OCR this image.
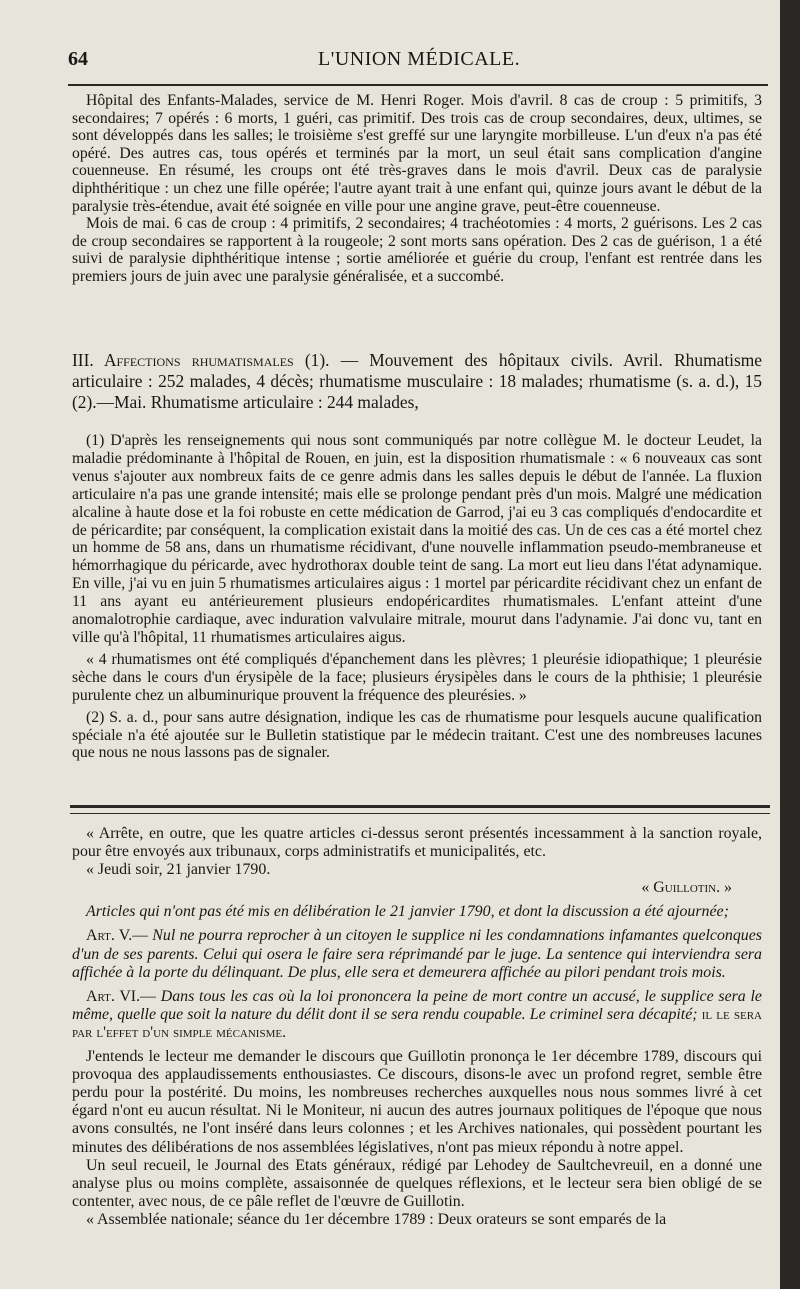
64	L'UNION MÉDICALE.

Hôpital des Enfants-Malades, service de M. Henri Roger. Mois d'avril. 8 cas de croup : 5 primitifs, 3 secondaires; 7 opérés : 6 morts, 1 guéri, cas primitif. Des trois cas de croup secondaires, deux, ultimes, se sont développés dans les salles; le troisième s'est greffé sur une laryngite morbilleuse. L'un d'eux n'a pas été opéré. Des autres cas, tous opérés et terminés par la mort, un seul était sans complication d'angine couenneuse. En résumé, les croups ont été très-graves dans le mois d'avril. Deux cas de paralysie diphthéritique : un chez une fille opérée; l'autre ayant trait à une enfant qui, quinze jours avant le début de la paralysie très-étendue, avait été soignée en ville pour une angine grave, peut-être couenneuse.

Mois de mai. 6 cas de croup : 4 primitifs, 2 secondaires; 4 trachéotomies : 4 morts, 2 guérisons. Les 2 cas de croup secondaires se rapportent à la rougeole; 2 sont morts sans opération. Des 2 cas de guérison, 1 a été suivi de paralysie diphthéritique intense ; sortie améliorée et guérie du croup, l'enfant est rentrée dans les premiers jours de juin avec une paralysie généralisée, et a succombé.

III. Affections rhumatismales (1). — Mouvement des hôpitaux civils. Avril. Rhumatisme articulaire : 252 malades, 4 décès; rhumatisme musculaire : 18 malades; rhumatisme (s. a. d.), 15 (2).—Mai. Rhumatisme articulaire : 244 malades,

(1) D'après les renseignements qui nous sont communiqués par notre collègue M. le docteur Leudet, la maladie prédominante à l'hôpital de Rouen, en juin, est la disposition rhumatismale : « 6 nouveaux cas sont venus s'ajouter aux nombreux faits de ce genre admis dans les salles depuis le début de l'année. La fluxion articulaire n'a pas une grande intensité; mais elle se prolonge pendant près d'un mois. Malgré une médication alcaline à haute dose et la foi robuste en cette médication de Garrod, j'ai eu 3 cas compliqués d'endocardite et de péricardite; par conséquent, la complication existait dans la moitié des cas. Un de ces cas a été mortel chez un homme de 58 ans, dans un rhumatisme récidivant, d'une nouvelle inflammation pseudo-membraneuse et hémorrhagique du péricarde, avec hydrothorax double teint de sang. La mort eut lieu dans l'état adynamique. En ville, j'ai vu en juin 5 rhumatismes articulaires aigus : 1 mortel par péricardite récidivant chez un enfant de 11 ans ayant eu antérieurement plusieurs endopéricardites rhumatismales. L'enfant atteint d'une anomalotrophie cardiaque, avec induration valvulaire mitrale, mourut dans l'adynamie. J'ai donc vu, tant en ville qu'à l'hôpital, 11 rhumatismes articulaires aigus.

« 4 rhumatismes ont été compliqués d'épanchement dans les plèvres; 1 pleurésie idiopathique; 1 pleurésie sèche dans le cours d'un érysipèle de la face; plusieurs érysipèles dans le cours de la phthisie; 1 pleurésie purulente chez un albuminurique prouvent la fréquence des pleurésies. »

(2) S. a. d., pour sans autre désignation, indique les cas de rhumatisme pour lesquels aucune qualification spéciale n'a été ajoutée sur le Bulletin statistique par le médecin traitant. C'est une des nombreuses lacunes que nous ne nous lassons pas de signaler.

« Arrête, en outre, que les quatre articles ci-dessus seront présentés incessamment à la sanction royale, pour être envoyés aux tribunaux, corps administratifs et municipalités, etc.

« Jeudi soir, 21 janvier 1790.

« Guillotin. »

Articles qui n'ont pas été mis en délibération le 21 janvier 1790, et dont la discussion a été ajournée;

Art. V.— Nul ne pourra reprocher à un citoyen le supplice ni les condamnations infamantes quelconques d'un de ses parents. Celui qui osera le faire sera réprimandé par le juge. La sentence qui interviendra sera affichée à la porte du délinquant. De plus, elle sera et demeurera affichée au pilori pendant trois mois.

Art. VI.— Dans tous les cas où la loi prononcera la peine de mort contre un accusé, le supplice sera le même, quelle que soit la nature du délit dont il se sera rendu coupable. Le criminel sera décapité; il le sera par l'effet d'un simple mécanisme.

J'entends le lecteur me demander le discours que Guillotin prononça le 1er décembre 1789, discours qui provoqua des applaudissements enthousiastes. Ce discours, disons-le avec un profond regret, semble être perdu pour la postérité. Du moins, les nombreuses recherches auxquelles nous nous sommes livré à cet égard n'ont eu aucun résultat. Ni le Moniteur, ni aucun des autres journaux politiques de l'époque que nous avons consultés, ne l'ont inséré dans leurs colonnes ; et les Archives nationales, qui possèdent pourtant les minutes des délibérations de nos assemblées législatives, n'ont pas mieux répondu à notre appel.

Un seul recueil, le Journal des Etats généraux, rédigé par Lehodey de Saultchevreuil, en a donné une analyse plus ou moins complète, assaisonnée de quelques réflexions, et le lecteur sera bien obligé de se contenter, avec nous, de ce pâle reflet de l'œuvre de Guillotin.

« Assemblée nationale; séance du 1er décembre 1789 : Deux orateurs se sont emparés de la
